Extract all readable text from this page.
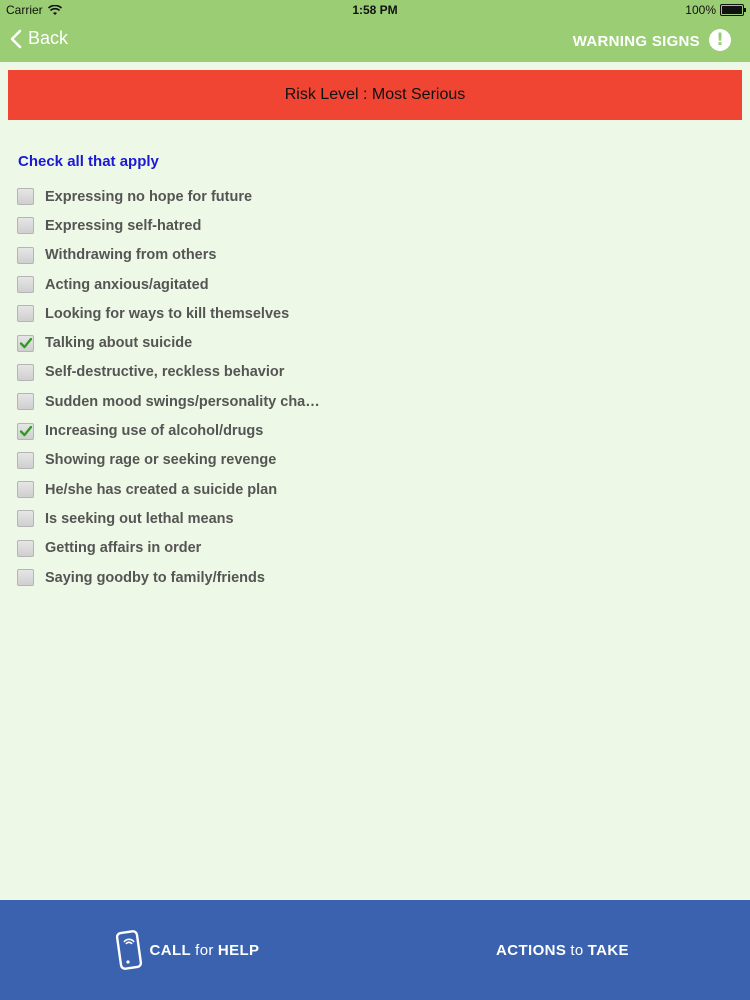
Carrier	1:58 PM	100%
Back	WARNING SIGNS !
Risk Level : Most Serious
Check all that apply
Expressing no hope for future
Expressing self-hatred
Withdrawing from others
Acting anxious/agitated
Looking for ways to kill themselves
Talking about suicide
Self-destructive, reckless behavior
Sudden mood swings/personality cha…
Increasing use of alcohol/drugs
Showing rage or seeking revenge
He/she has created a suicide plan
Is seeking out lethal means
Getting affairs in order
Saying goodby to family/friends
CALL for HELP	ACTIONS to TAKE
